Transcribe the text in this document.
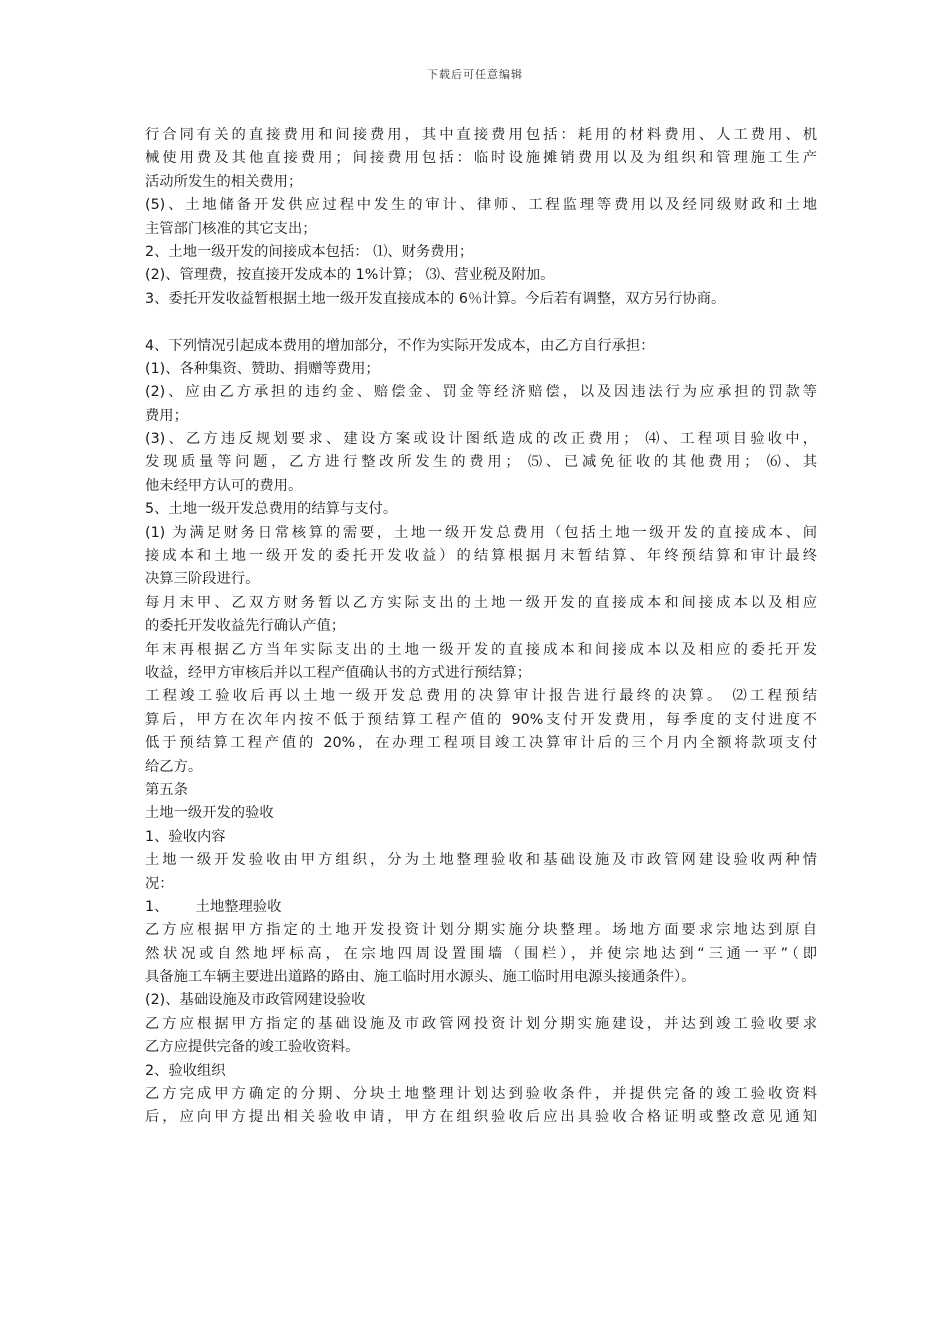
下载后可任意编辑
行合同有关的直接费用和间接费用，其中直接费用包括：耗用的材料费用、人工费用、机
械使用费及其他直接费用；间接费用包括：临时设施摊销费用以及为组织和管理施工生产
活动所发生的相关费用；
(5)、土地储备开发供应过程中发生的审计、律师、工程监理等费用以及经同级财政和土地
主管部门核准的其它支出；
2、土地一级开发的间接成本包括： ⑴、财务费用；
(2)、管理费，按直接开发成本的 1%计算； ⑶、营业税及附加。
3、委托开发收益暂根据土地一级开发直接成本的 6％计算。今后若有调整，双方另行协商。
4、下列情况引起成本费用的增加部分，不作为实际开发成本，由乙方自行承担：
(1)、各种集资、赞助、捐赠等费用；
(2)、应由乙方承担的违约金、赔偿金、罚金等经济赔偿，以及因违法行为应承担的罚款等
费用；
(3)、乙方违反规划要求、建设方案或设计图纸造成的改正费用； ⑷、工程项目验收中，
发现质量等问题，乙方进行整改所发生的费用； ⑸、已减免征收的其他费用； ⑹、其
他未经甲方认可的费用。
5、土地一级开发总费用的结算与支付。
(1) 为满足财务日常核算的需要，土地一级开发总费用（包括土地一级开发的直接成本、间
接成本和土地一级开发的委托开发收益）的结算根据月末暂结算、年终预结算和审计最终
决算三阶段进行。
每月末甲、乙双方财务暂以乙方实际支出的土地一级开发的直接成本和间接成本以及相应
的委托开发收益先行确认产值；
年末再根据乙方当年实际支出的土地一级开发的直接成本和间接成本以及相应的委托开发
收益，经甲方审核后并以工程产值确认书的方式进行预结算；
工程竣工验收后再以土地一级开发总费用的决算审计报告进行最终的决算。 ⑵工程预结
算后，甲方在次年内按不低于预结算工程产值的 90%支付开发费用，每季度的支付进度不
低于预结算工程产值的 20%，在办理工程项目竣工决算审计后的三个月内全额将款项支付
给乙方。
第五条
土地一级开发的验收
1、验收内容
土地一级开发验收由甲方组织，分为土地整理验收和基础设施及市政管网建设验收两种情
况：
1、      土地整理验收
乙方应根据甲方指定的土地开发投资计划分期实施分块整理。场地方面要求宗地达到原自
然状况或自然地坪标高，在宗地四周设置围墙（围栏），并使宗地达到“三通一平”（即
具备施工车辆主要进出道路的路由、施工临时用水源头、施工临时用电源头接通条件）。
(2)、基础设施及市政管网建设验收
乙方应根据甲方指定的基础设施及市政管网投资计划分期实施建设，并达到竣工验收要求
乙方应提供完备的竣工验收资料。
2、验收组织
乙方完成甲方确定的分期、分块土地整理计划达到验收条件，并提供完备的竣工验收资料
后，应向甲方提出相关验收申请，甲方在组织验收后应出具验收合格证明或整改意见通知
